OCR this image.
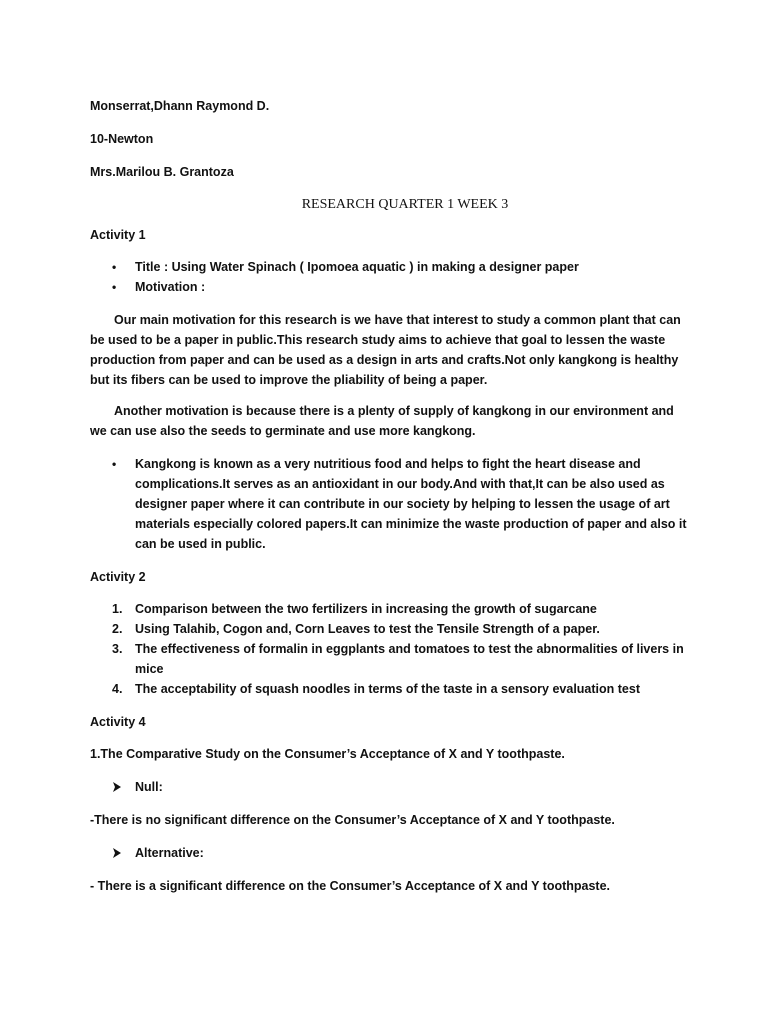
Monserrat,Dhann Raymond D.

10-Newton

Mrs.Marilou B. Grantoza

RESEARCH QUARTER 1 WEEK 3

Activity 1

• Title : Using Water Spinach ( Ipomoea aquatic ) in making a designer paper
• Motivation :

Our main motivation for this research is we have that interest to study a common plant that can be used to be a paper in public.This research study aims to achieve that goal to lessen the waste production from paper and can be used as a design in arts and crafts.Not only kangkong is healthy but its fibers can be used to improve the pliability of being a paper.

Another motivation is because there is a plenty of supply of kangkong in our environment and we can use also the seeds to germinate and use more kangkong.

• Kangkong is known as a very nutritious food and helps to fight the heart disease and complications.It serves as an antioxidant in our body.And with that,It can be also used as designer paper where it can contribute in our society by helping to lessen the usage of art materials especially colored papers.It can minimize the waste production of paper and also it can be used in public.

Activity 2

1. Comparison between the two fertilizers in increasing the growth of sugarcane
2. Using Talahib, Cogon and, Corn Leaves to test the Tensile Strength of a paper.
3. The effectiveness of formalin in eggplants and tomatoes to test the abnormalities of livers in mice
4. The acceptability of squash noodles in terms of the taste in a sensory evaluation test

Activity 4

1.The Comparative Study on the Consumer’s Acceptance of X and Y toothpaste.

Null:

-There is no significant difference on the Consumer’s Acceptance of X and Y toothpaste.

Alternative:

- There is a significant difference on the Consumer’s Acceptance of X and Y toothpaste.
